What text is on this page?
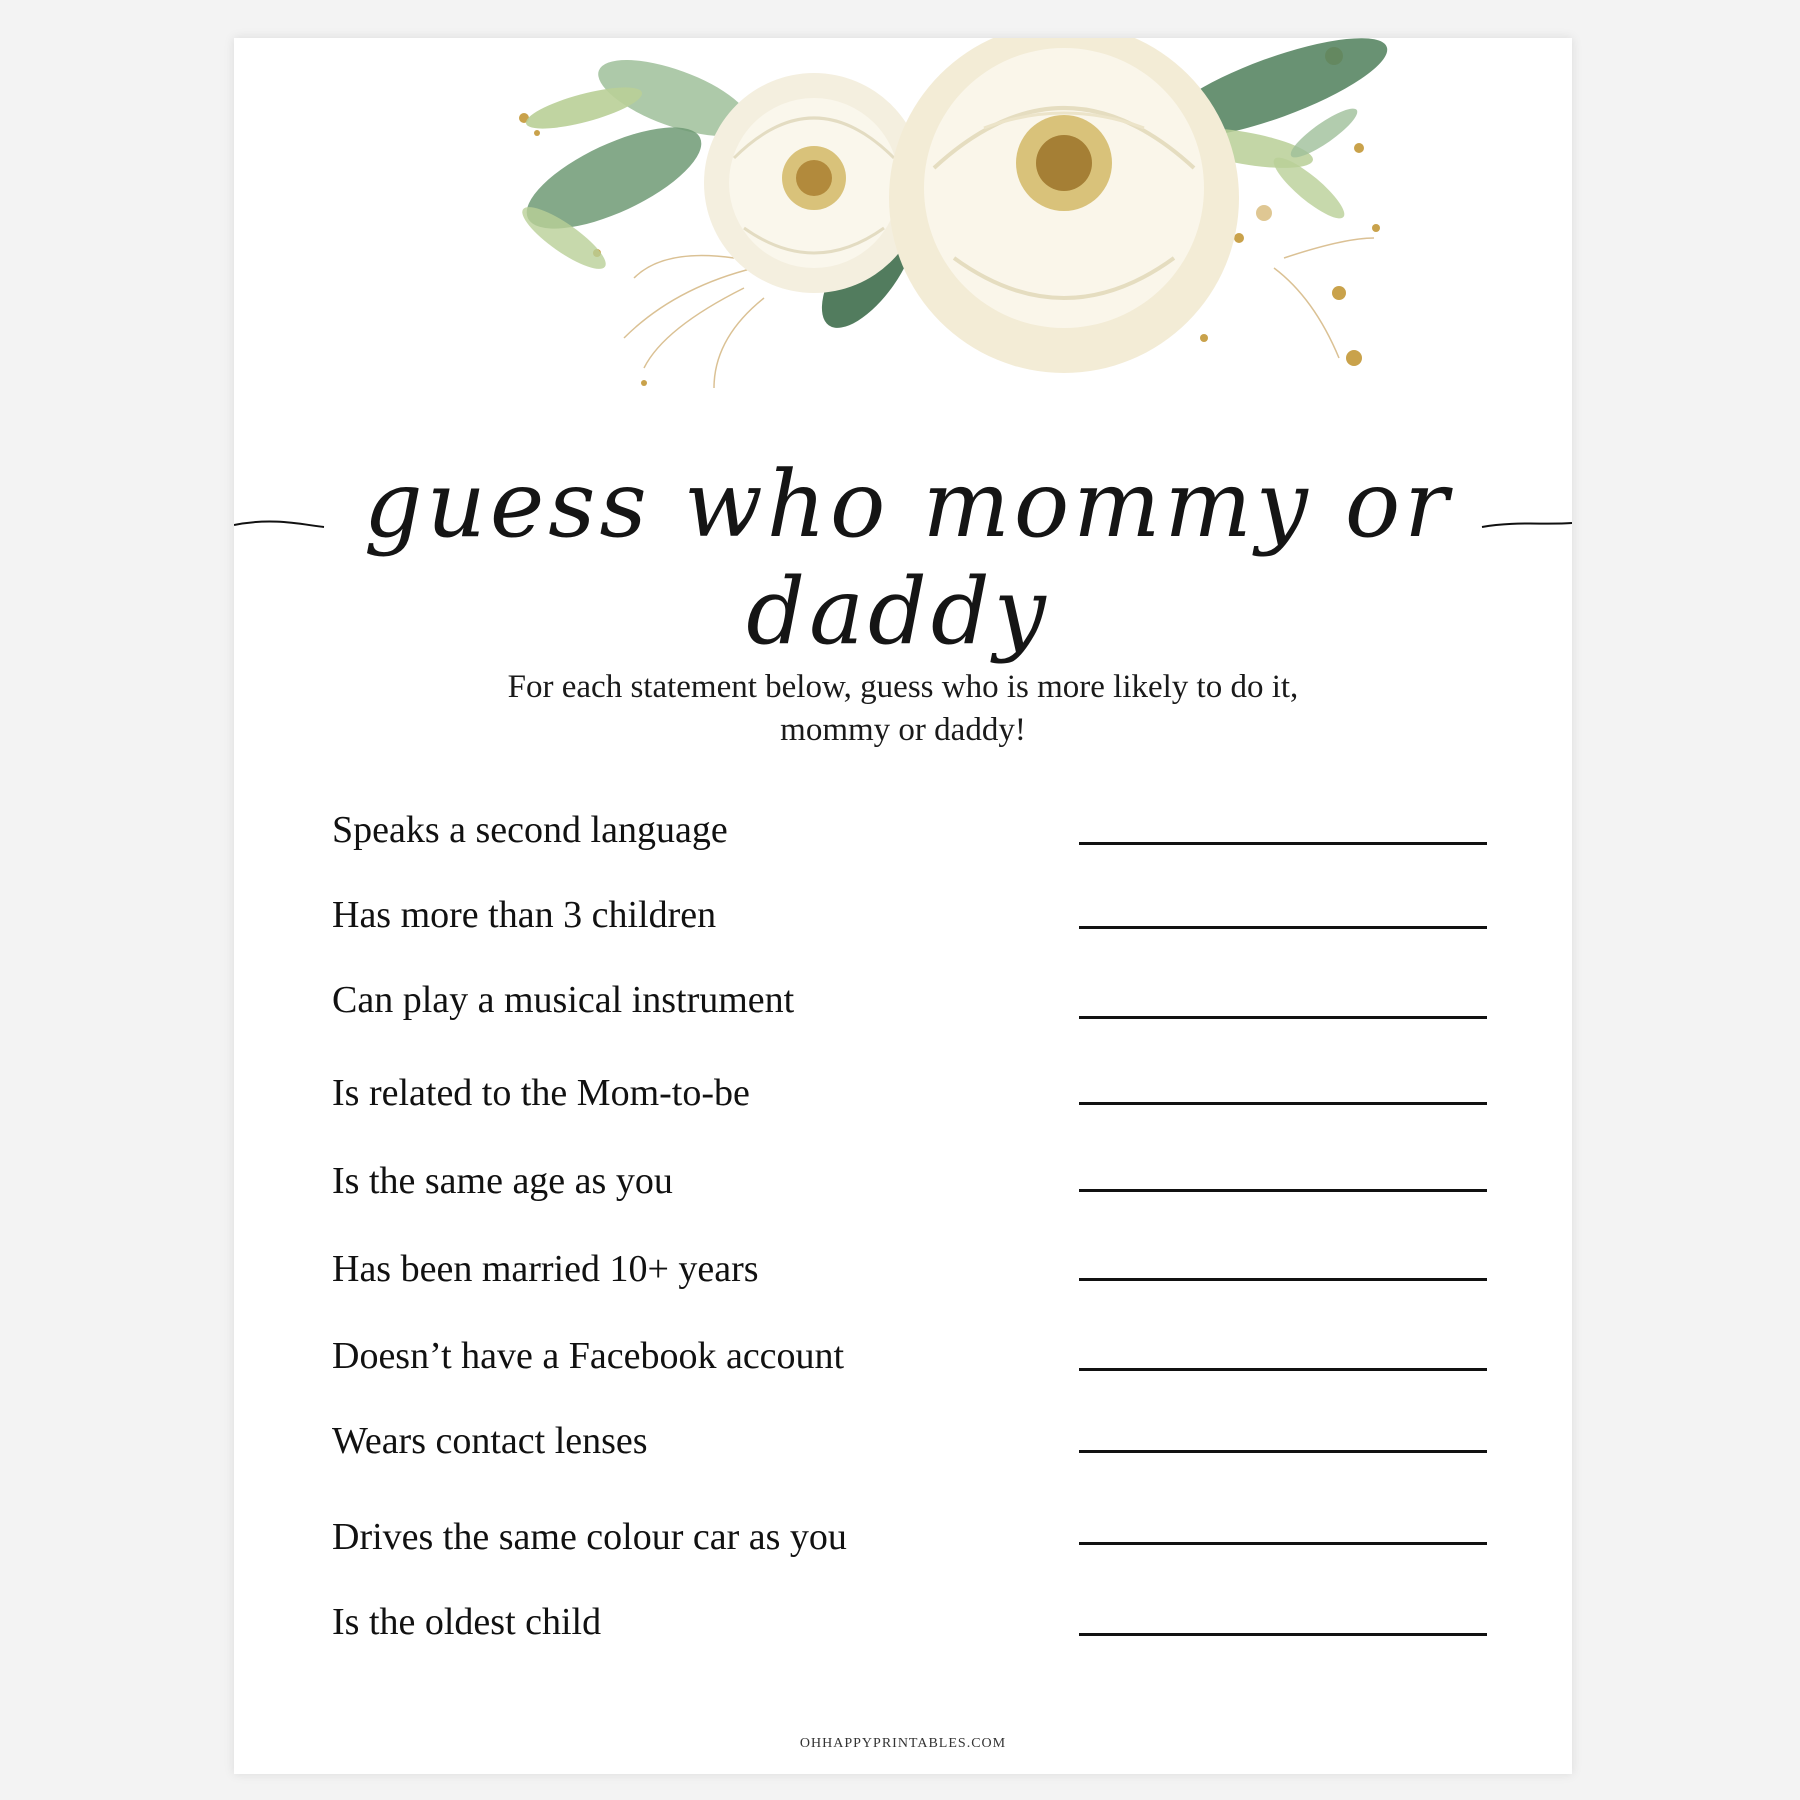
guess who mommy or daddy
For each statement below, guess who is more likely to do it,
mommy or daddy!
Speaks a second language
Has more than 3 children
Can play a musical instrument
Is related to the Mom-to-be
Is the same age as you
Has been married 10+ years
Doesn’t have a Facebook account
Wears contact lenses
Drives the same colour car as you
Is the oldest child
OHHAPPYPRINTABLES.COM
